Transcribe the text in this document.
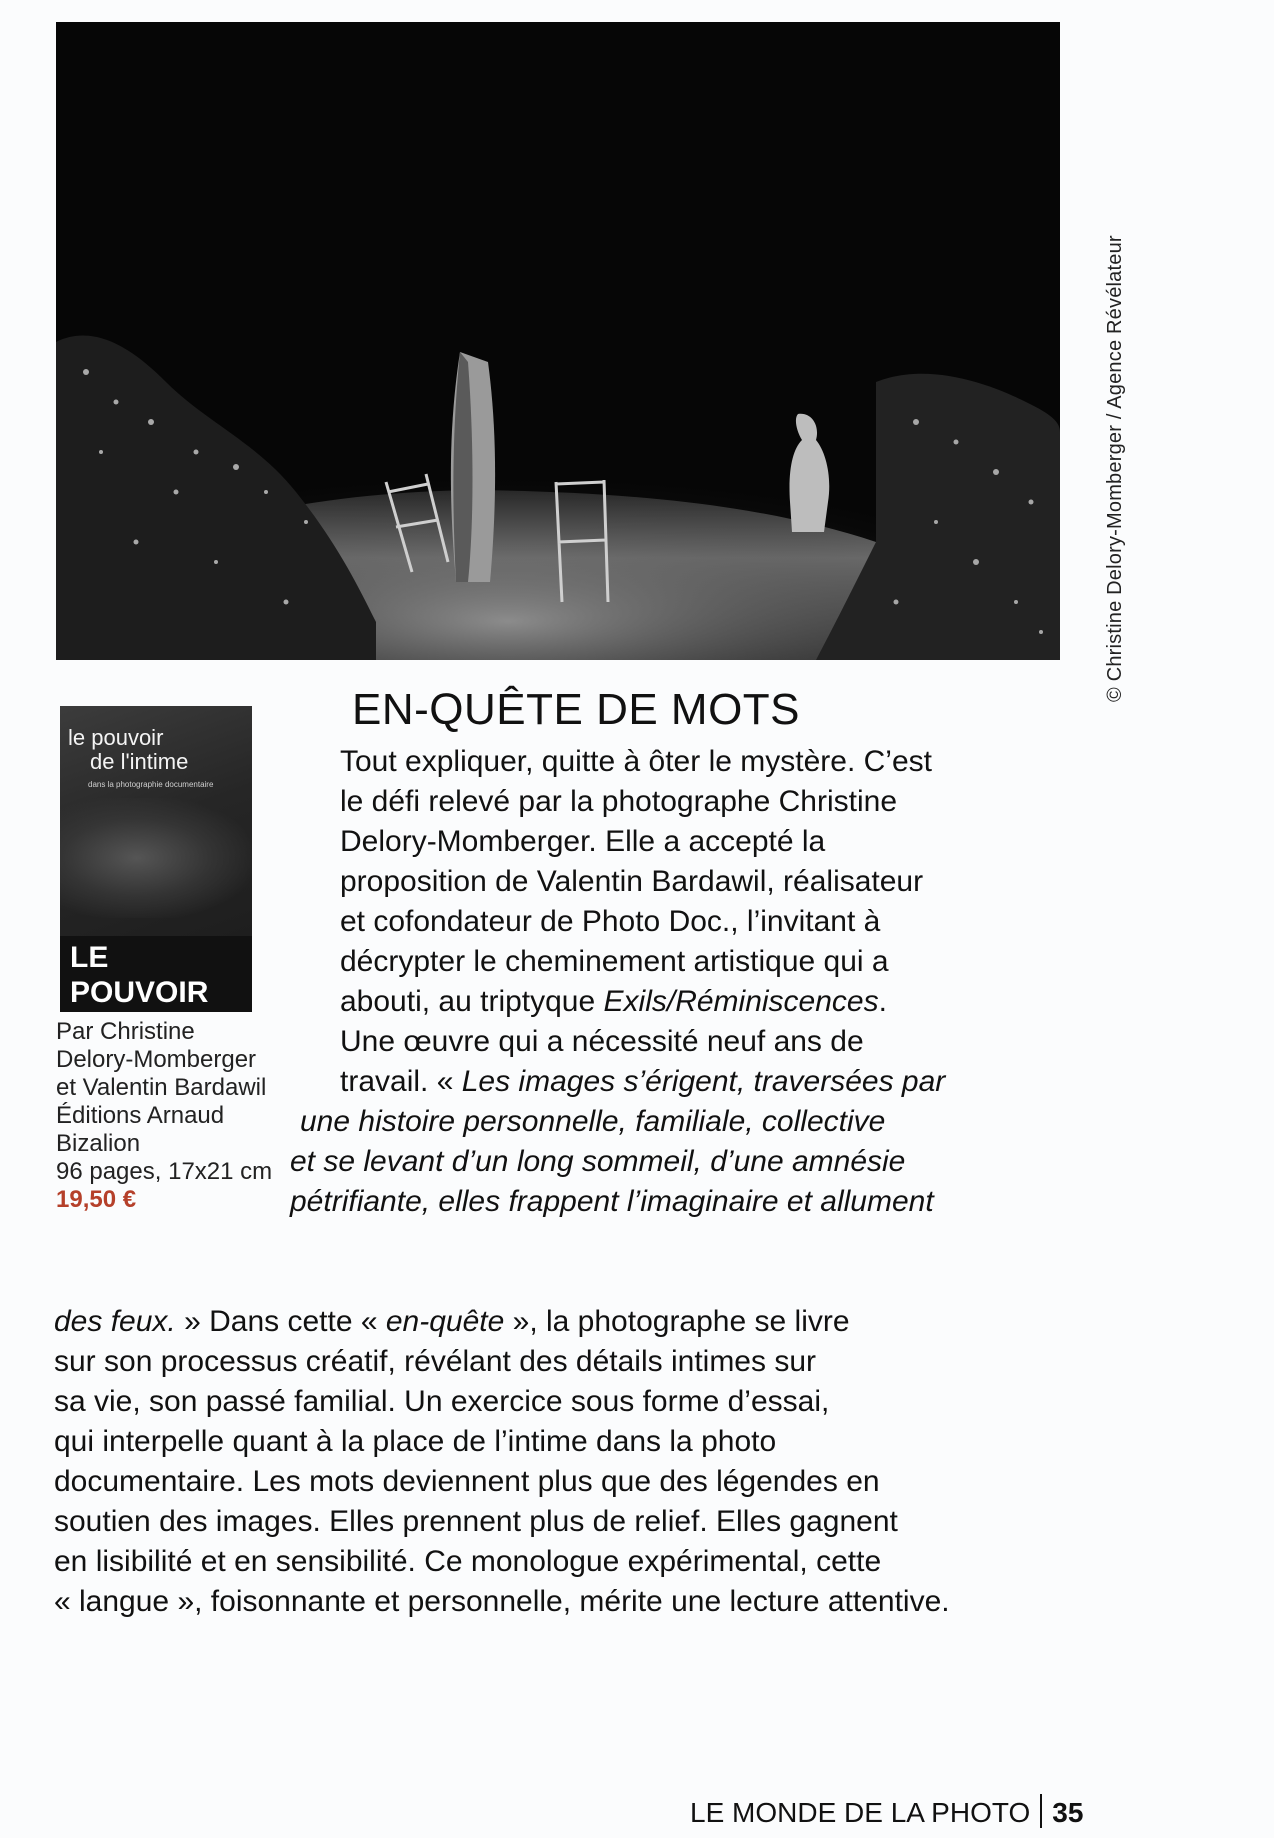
© Christine Delory-Momberger / Agence Révélateur
le pouvoir
de l'intime
dans la photographie documentaire
LE POUVOIR
Par Christine
Delory-Momberger
et Valentin Bardawil
Éditions Arnaud
Bizalion
96 pages, 17x21 cm
19,50 €
EN-QUÊTE DE MOTS
Tout expliquer, quitte à ôter le mystère. C’est
le défi relevé par la photographe Christine
Delory-Momberger. Elle a accepté la
proposition de Valentin Bardawil, réalisateur
et cofondateur de Photo Doc., l’invitant à
décrypter le cheminement artistique qui a
abouti, au triptyque Exils/Réminiscences.
Une œuvre qui a nécessité neuf ans de
travail. « Les images s’érigent, traversées par
une histoire personnelle, familiale, collective
et se levant d’un long sommeil, d’une amnésie
pétrifiante, elles frappent l’imaginaire et allument
des feux. » Dans cette « en-quête », la photographe se livre
sur son processus créatif, révélant des détails intimes sur
sa vie, son passé familial. Un exercice sous forme d’essai,
qui interpelle quant à la place de l’intime dans la photo
documentaire. Les mots deviennent plus que des légendes en
soutien des images. Elles prennent plus de relief. Elles gagnent
en lisibilité et en sensibilité. Ce monologue expérimental, cette
« langue », foisonnante et personnelle, mérite une lecture attentive.
LE MONDE DE LA PHOTO 35
